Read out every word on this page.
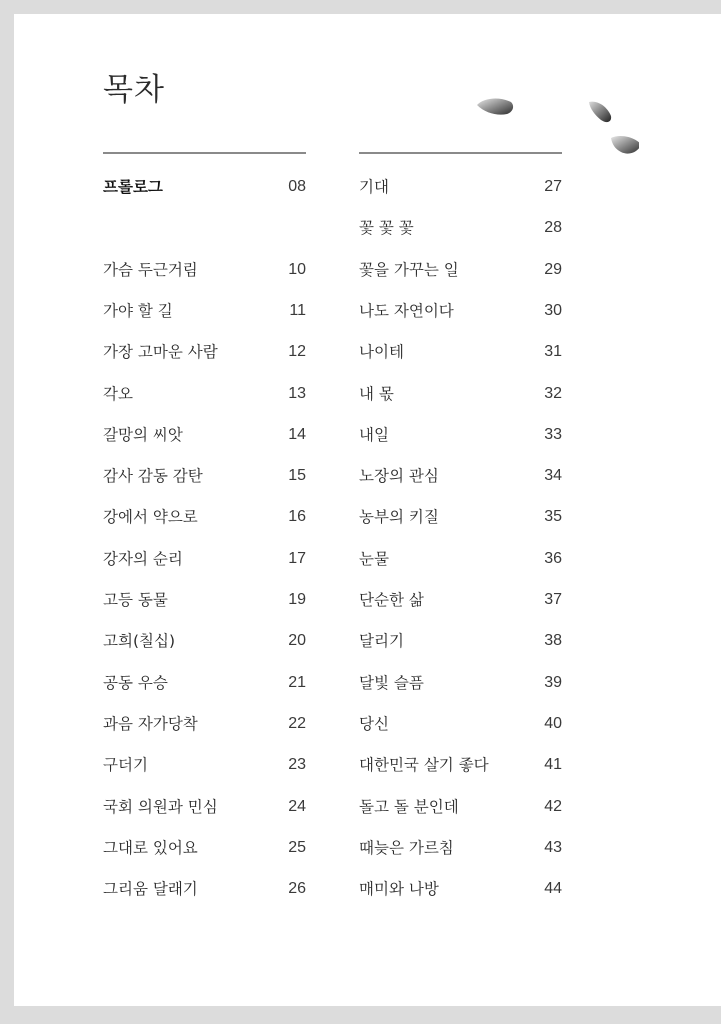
목차
프롤로그	08
가슴 두근거림	10
가야 할 길	11
가장 고마운 사람	12
각오	13
갈망의 씨앗	14
감사 감동 감탄	15
강에서 약으로	16
강자의 순리	17
고등 동물	19
고희(칠십)	20
공동 우승	21
과음 자가당착	22
구더기	23
국회 의원과 민심	24
그대로 있어요	25
그리움 달래기	26
기대	27
꽃 꽃 꽃	28
꽃을 가꾸는 일	29
나도 자연이다	30
나이테	31
내 몫	32
내일	33
노장의 관심	34
농부의 키질	35
눈물	36
단순한 삶	37
달리기	38
달빛 슬픔	39
당신	40
대한민국 살기 좋다	41
돌고 돌 분인데	42
때늦은 가르침	43
매미와 나방	44
